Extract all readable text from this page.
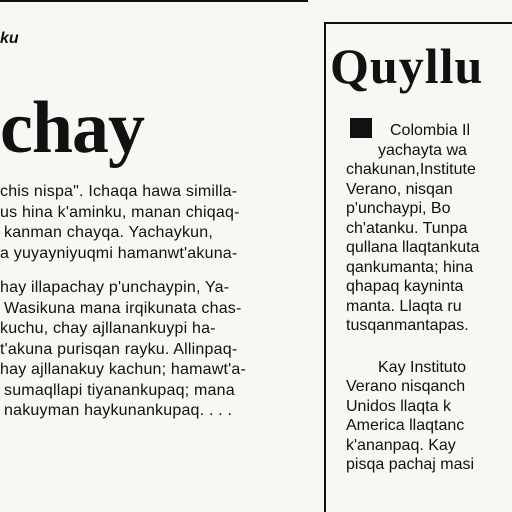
ku
chay

chis nispa". Ichaqa hawa similla-

us hina k'aminku, manan chiqaq-

kanman chayqa. Yachaykun,

a yuyayniyuqmi hamanwt'akuna-

hay illapachay p'unchaypin, Ya-

Wasikuna mana irqikunata chas-

kuchu, chay ajllanankuypi ha-

t'akuna purisqan rayku. Allinpaq-

hay ajllanakuy kachun; hamawt'a-

sumaqllapi tiyanankupaq; mana

nakuyman haykunankupaq. . . .

Quyllu

Colombia Il

yachayta wa

chakunan,Institute

Verano, nisqan

p'unchaypi, Bo

ch'atanku. Tunpa

qullana llaqtankuta

qankumanta; hina

qhapaq kayninta

manta. Llaqta ru

tusqanmantapas.

Kay Instituto

Verano nisqanch

Unidos llaqta k

America llaqtanc

k'ananpaq. Kay

pisqa pachaj masi
